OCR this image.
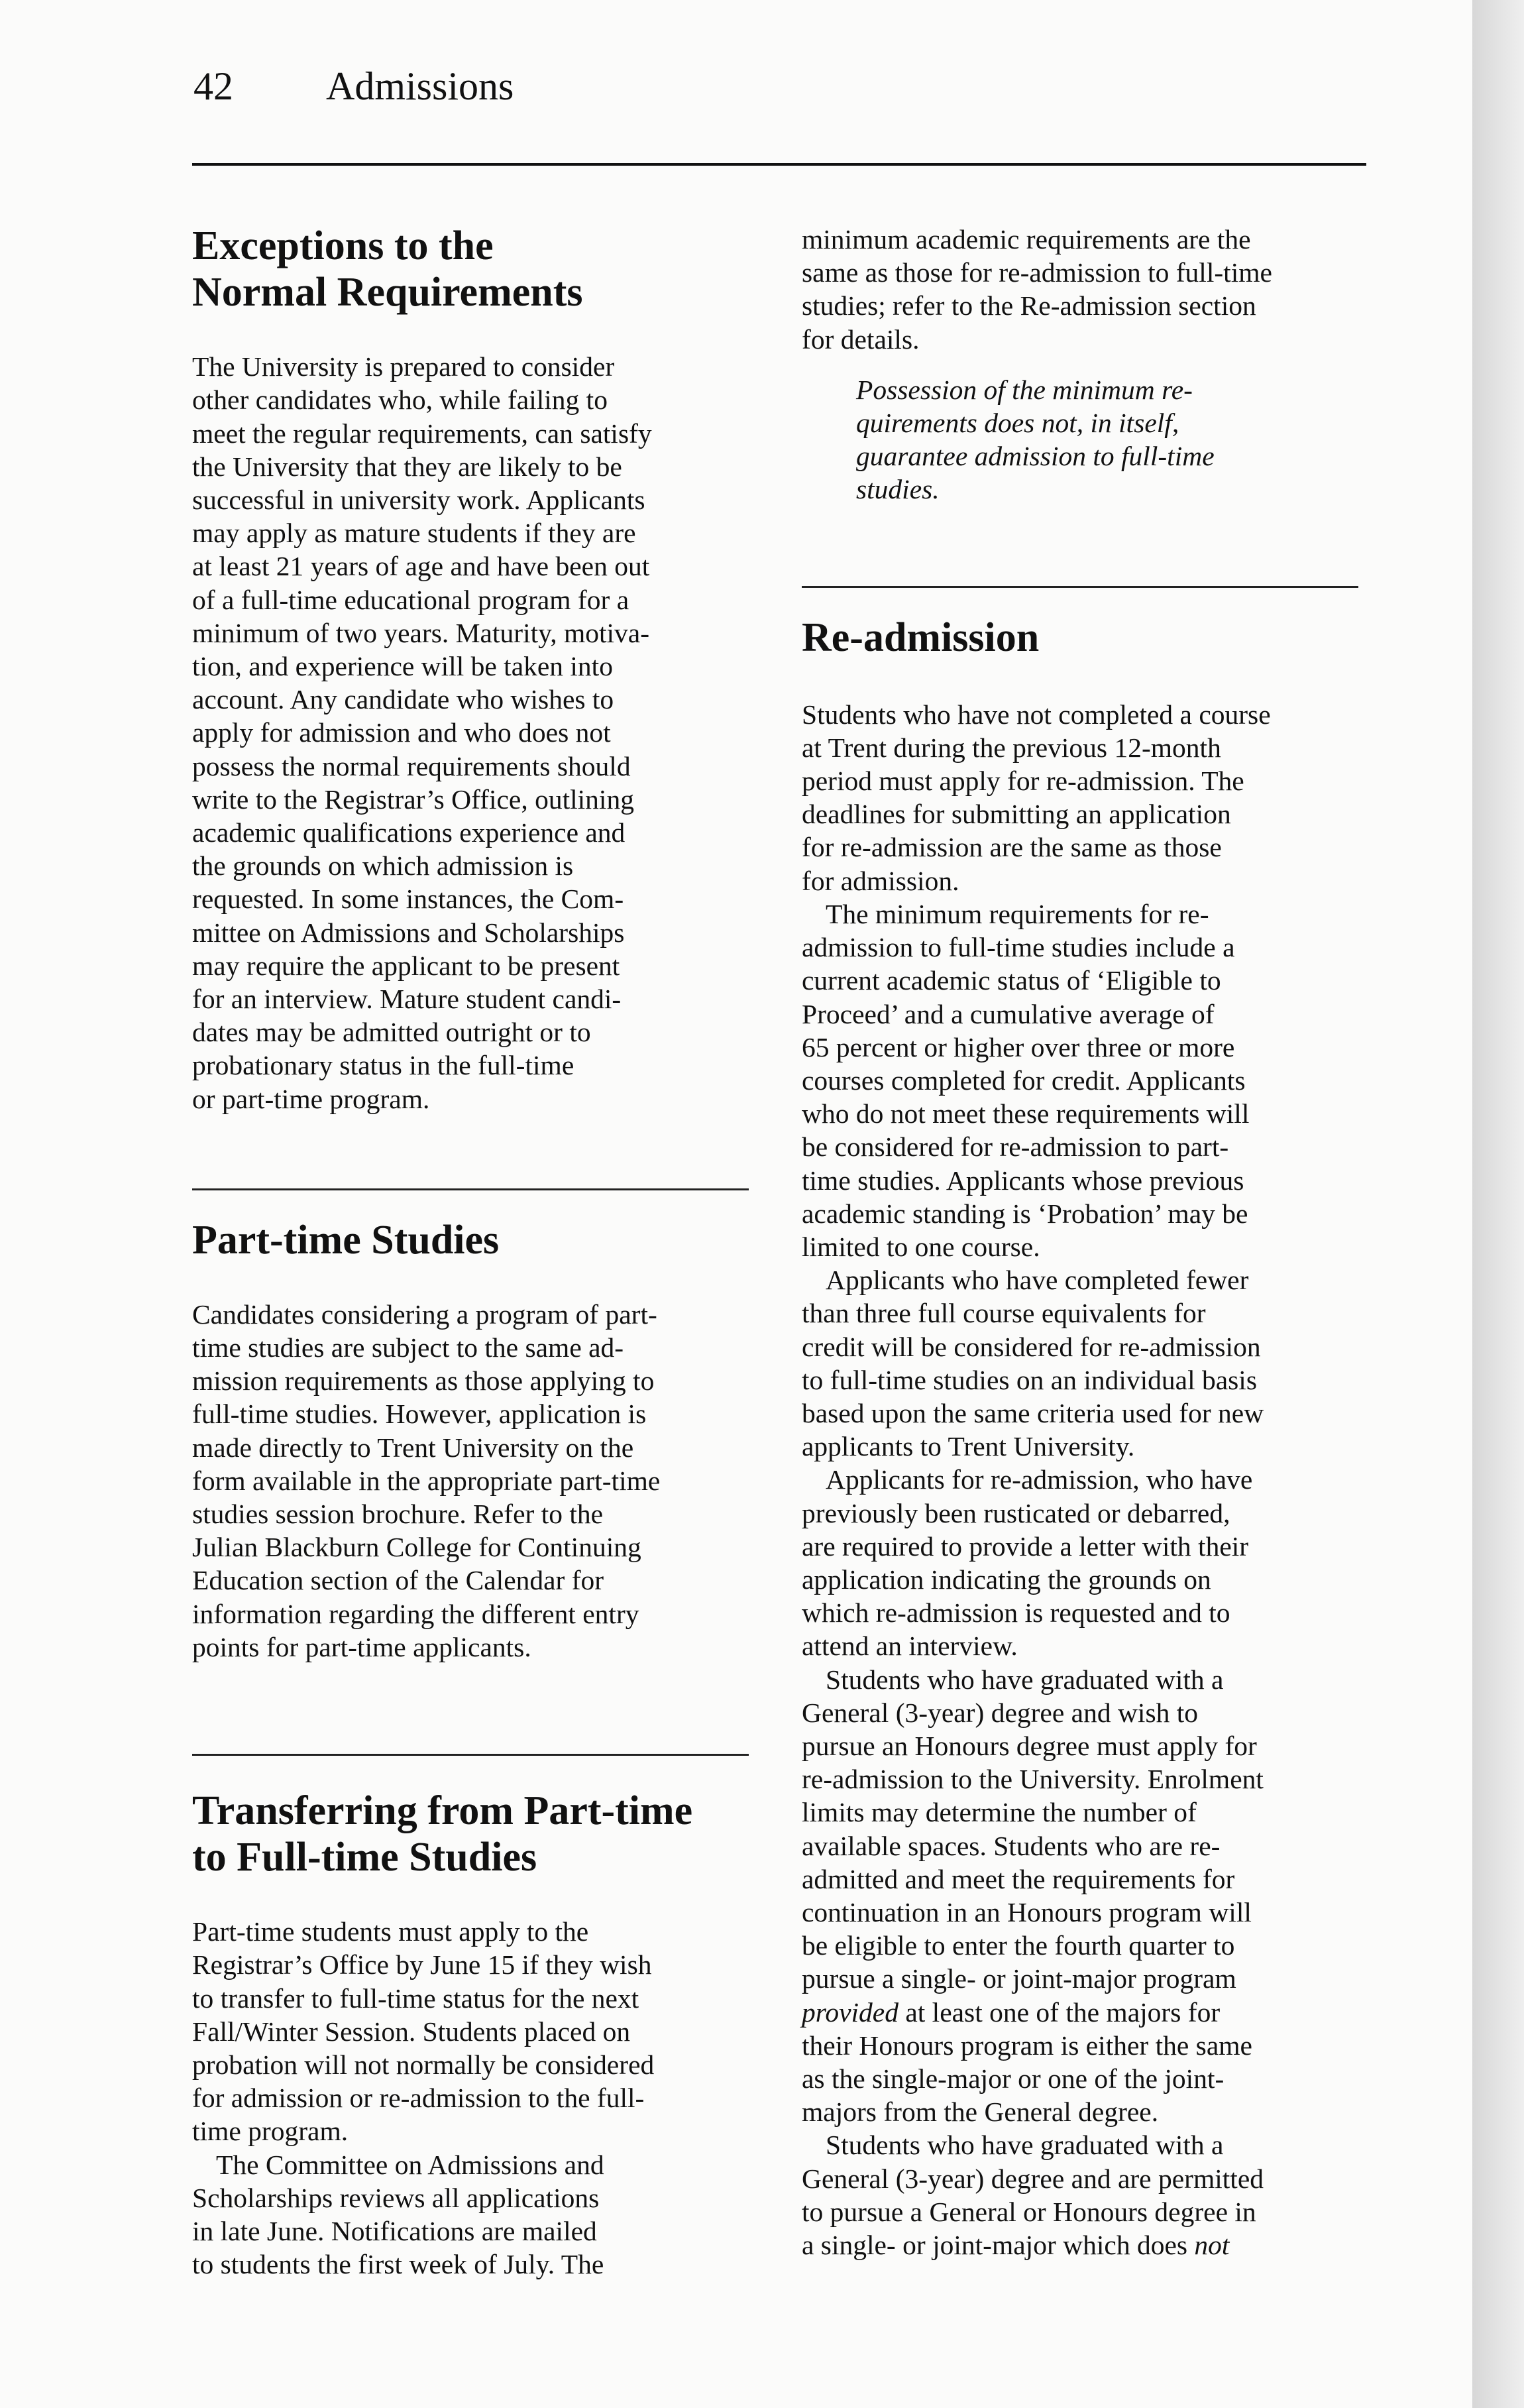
42 Admissions
Exceptions to the
Normal Requirements

The University is prepared to consider
other candidates who, while failing to
meet the regular requirements, can satisfy
the University that they are likely to be
successful in university work. Applicants
may apply as mature students if they are
at least 21 years of age and have been out
of a full-time educational program for a
minimum of two years. Maturity, motiva-
tion, and experience will be taken into
account. Any candidate who wishes to
apply for admission and who does not
possess the normal requirements should
write to the Registrar’s Office, outlining
academic qualifications experience and
the grounds on which admission is
requested. In some instances, the Com-
mittee on Admissions and Scholarships
may require the applicant to be present
for an interview. Mature student candi-
dates may be admitted outright or to
probationary status in the full-time
or part-time program.

Part-time Studies

Candidates considering a program of part-
time studies are subject to the same ad-
mission requirements as those applying to
full-time studies. However, application is
made directly to Trent University on the
form available in the appropriate part-time
studies session brochure. Refer to the
Julian Blackburn College for Continuing
Education section of the Calendar for
information regarding the different entry
points for part-time applicants.

Transferring from Part-time
to Full-time Studies

Part-time students must apply to the
Registrar’s Office by June 15 if they wish
to transfer to full-time status for the next
Fall/Winter Session. Students placed on
probation will not normally be considered
for admission or re-admission to the full-
time program.

The Committee on Admissions and
Scholarships reviews all applications
in late June. Notifications are mailed
to students the first week of July. The

minimum academic requirements are the
same as those for re-admission to full-time
studies; refer to the Re-admission section
for details.

Possession of the minimum re-
quirements does not, in itself,
guarantee admission to full-time
studies.

Re-admission

Students who have not completed a course
at Trent during the previous 12-month
period must apply for re-admission. The
deadlines for submitting an application
for re-admission are the same as those
for admission.

The minimum requirements for re-
admission to full-time studies include a
current academic status of ‘Eligible to
Proceed’ and a cumulative average of
65 percent or higher over three or more
courses completed for credit. Applicants
who do not meet these requirements will
be considered for re-admission to part-
time studies. Applicants whose previous
academic standing is ‘Probation’ may be
limited to one course.

Applicants who have completed fewer
than three full course equivalents for
credit will be considered for re-admission
to full-time studies on an individual basis
based upon the same criteria used for new
applicants to Trent University.

Applicants for re-admission, who have
previously been rusticated or debarred,
are required to provide a letter with their
application indicating the grounds on
which re-admission is requested and to
attend an interview.

Students who have graduated with a
General (3-year) degree and wish to
pursue an Honours degree must apply for
re-admission to the University. Enrolment
limits may determine the number of
available spaces. Students who are re-
admitted and meet the requirements for
continuation in an Honours program will
be eligible to enter the fourth quarter to
pursue a single- or joint-major program
provided at least one of the majors for
their Honours program is either the same
as the single-major or one of the joint-
majors from the General degree.

Students who have graduated with a
General (3-year) degree and are permitted
to pursue a General or Honours degree in
a single- or joint-major which does not
